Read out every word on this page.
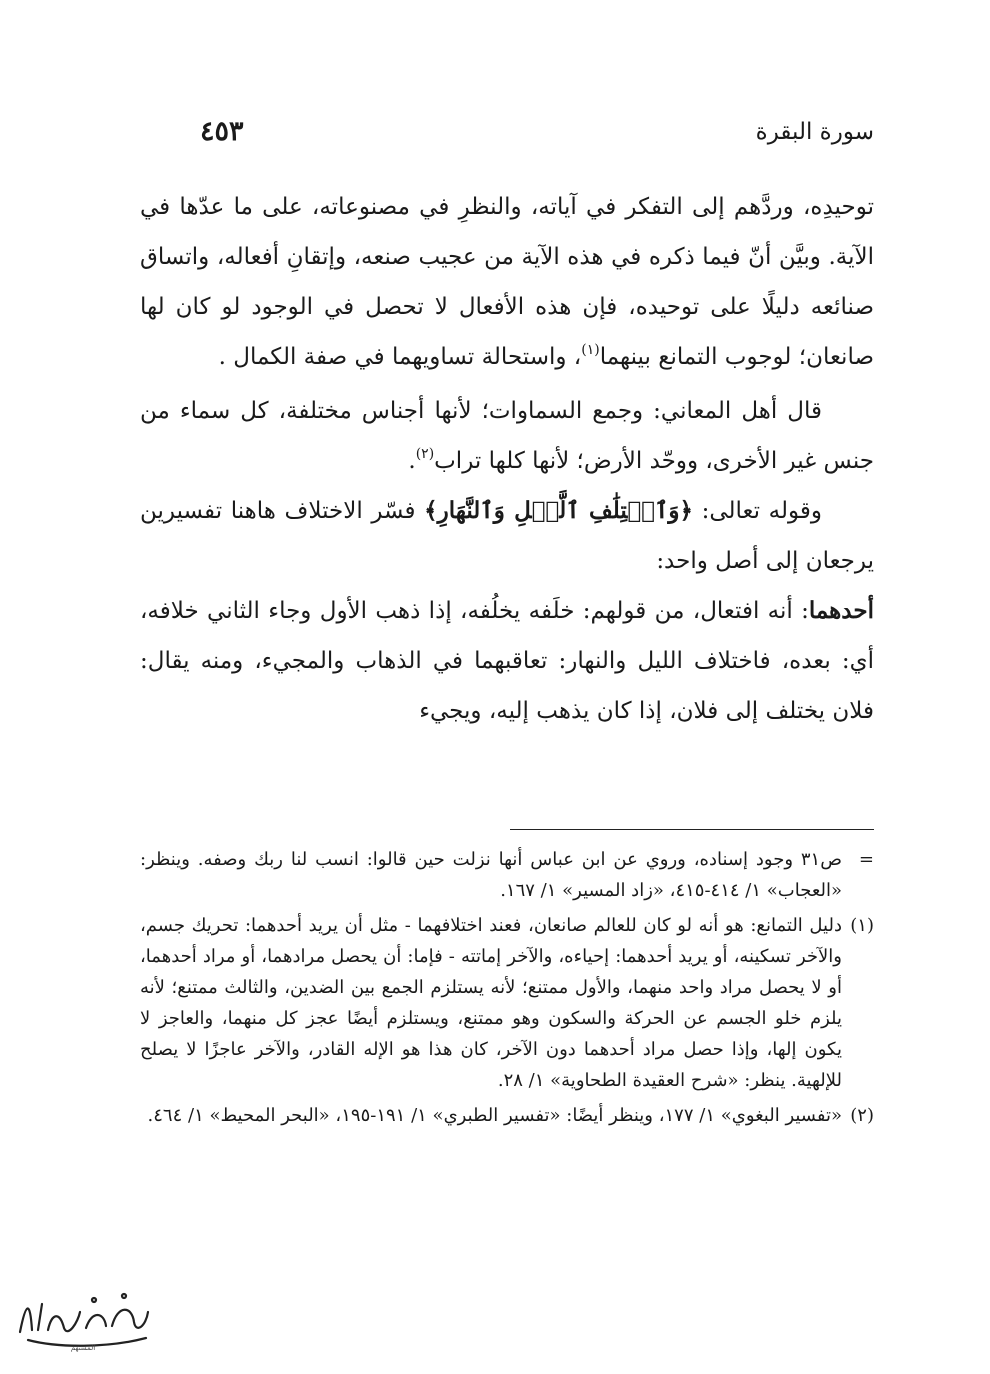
سورة البقرة
٤٥٣

توحيدِه، وردَّهم إلى التفكر في آياته، والنظرِ في مصنوعاته، على ما عدّها في الآية. وبيَّن أنّ فيما ذكره في هذه الآية من عجيب صنعه، وإتقانِ أفعاله، واتساق صنائعه دليلًا على توحيده، فإن هذه الأفعال لا تحصل في الوجود لو كان لها صانعان؛ لوجوب التمانع بينهما$^{(١)}$، واستحالة تساويهما في صفة الكمال .

قال أهل المعاني: وجمع السماوات؛ لأنها أجناس مختلفة، كل سماء من جنس غير الأخرى، ووحّد الأرض؛ لأنها كلها تراب$^{(٢)}$.

وقوله تعالى: ﴿وَٱخۡتِلَٰفِ ٱلَّيۡلِ وَٱلنَّهَارِ﴾ فسّر الاختلاف هاهنا تفسيرين يرجعان إلى أصل واحد:

أحدهما: أنه افتعال، من قولهم: خلَفه يخلُفه، إذا ذهب الأول وجاء الثاني خلافه، أي: بعده، فاختلاف الليل والنهار: تعاقبهما في الذهاب والمجيء، ومنه يقال: فلان يختلف إلى فلان، إذا كان يذهب إليه، ويجيء

=
ص٣١ وجود إسناده، وروي عن ابن عباس أنها نزلت حين قالوا: انسب لنا ربك وصفه. وينظر: «العجاب» ١/ ٤١٤-٤١٥، «زاد المسير» ١/ ١٦٧.
(١)
دليل التمانع: هو أنه لو كان للعالم صانعان، فعند اختلافهما - مثل أن يريد أحدهما: تحريك جسم، والآخر تسكينه، أو يريد أحدهما: إحياءه، والآخر إماتته - فإما: أن يحصل مرادهما، أو مراد أحدهما، أو لا يحصل مراد واحد منهما، والأول ممتنع؛ لأنه يستلزم الجمع بين الضدين، والثالث ممتنع؛ لأنه يلزم خلو الجسم عن الحركة والسكون وهو ممتنع، ويستلزم أيضًا عجز كل منهما، والعاجز لا يكون إلها، وإذا حصل مراد أحدهما دون الآخر، كان هذا هو الإله القادر، والآخر عاجزًا لا يصلح للإلهية. ينظر: «شرح العقيدة الطحاوية» ١/ ٢٨.
(٢)
«تفسير البغوي» ١/ ١٧٧، وينظر أيضًا: «تفسير الطبري» ١/ ١٩١-١٩٥، «البحر المحيط» ١/ ٤٦٤.
المستهم
